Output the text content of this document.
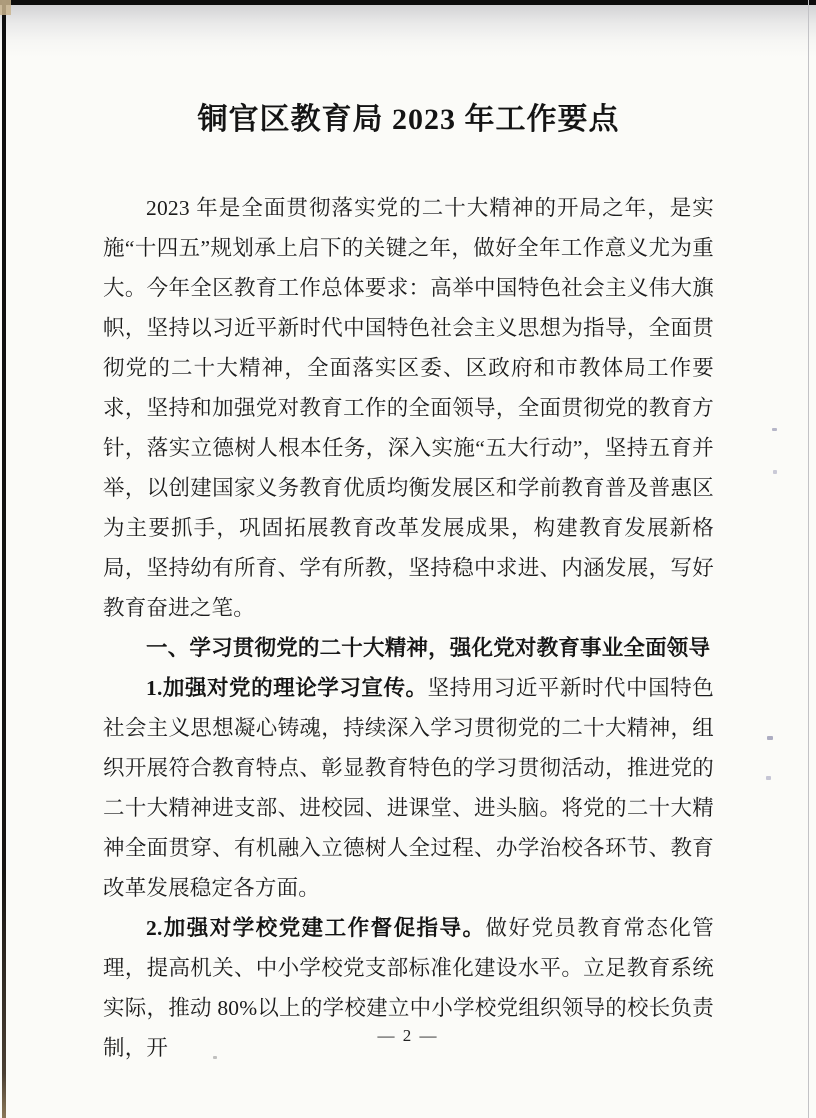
铜官区教育局 2023 年工作要点

2023 年是全面贯彻落实党的二十大精神的开局之年，是实施“十四五”规划承上启下的关键之年，做好全年工作意义尤为重大。今年全区教育工作总体要求：高举中国特色社会主义伟大旗帜，坚持以习近平新时代中国特色社会主义思想为指导，全面贯彻党的二十大精神，全面落实区委、区政府和市教体局工作要求，坚持和加强党对教育工作的全面领导，全面贯彻党的教育方针，落实立德树人根本任务，深入实施“五大行动”，坚持五育并举，以创建国家义务教育优质均衡发展区和学前教育普及普惠区为主要抓手，巩固拓展教育改革发展成果，构建教育发展新格局，坚持幼有所育、学有所教，坚持稳中求进、内涵发展，写好教育奋进之笔。

一、学习贯彻党的二十大精神，强化党对教育事业全面领导

1.加强对党的理论学习宣传。坚持用习近平新时代中国特色社会主义思想凝心铸魂，持续深入学习贯彻党的二十大精神，组织开展符合教育特点、彰显教育特色的学习贯彻活动，推进党的二十大精神进支部、进校园、进课堂、进头脑。将党的二十大精神全面贯穿、有机融入立德树人全过程、办学治校各环节、教育改革发展稳定各方面。

2.加强对学校党建工作督促指导。做好党员教育常态化管理，提高机关、中小学校党支部标准化建设水平。立足教育系统实际，推动 80%以上的学校建立中小学校党组织领导的校长负责制，开

— 2 —
